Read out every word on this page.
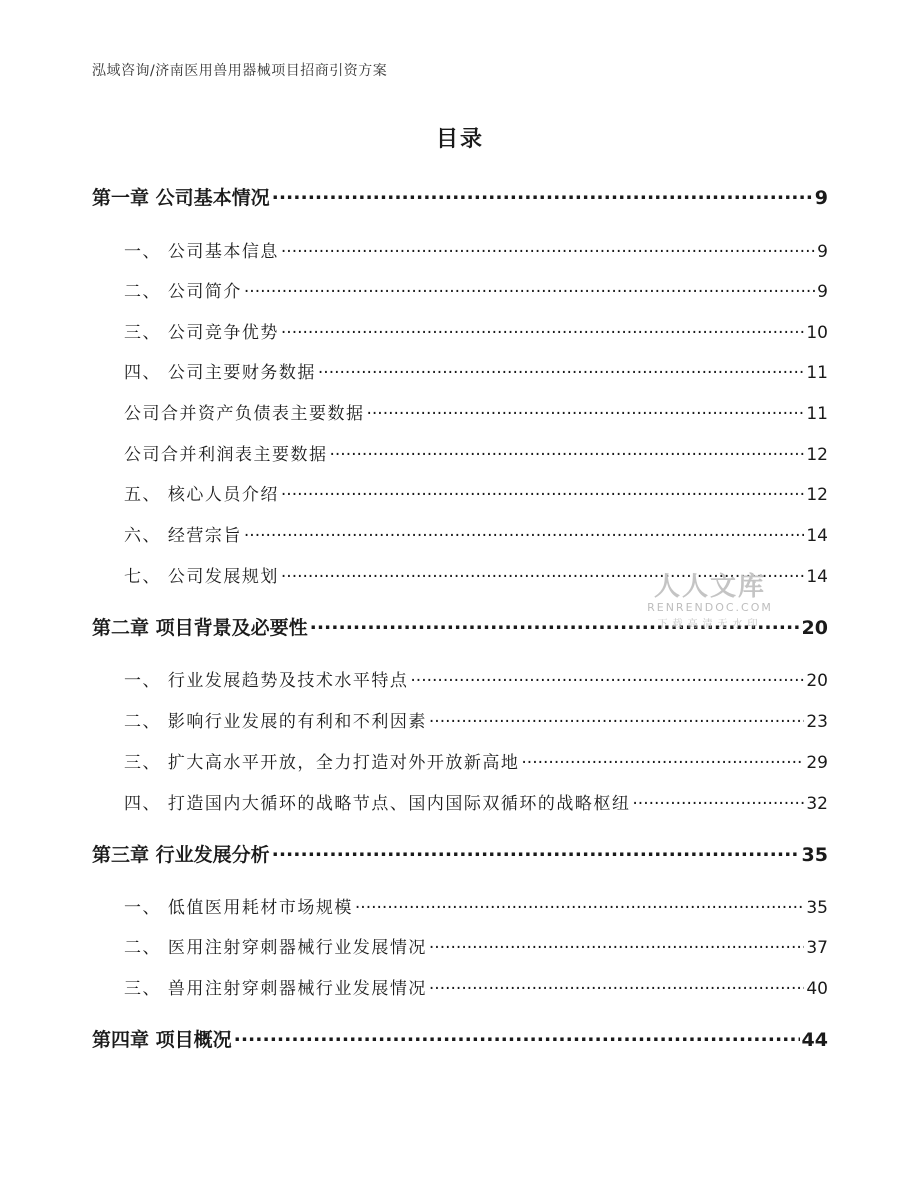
泓域咨询/济南医用兽用器械项目招商引资方案
目录
第一章 公司基本情况 .....	9
一、 公司基本信息 .....	9
二、 公司简介 .....	9
三、 公司竞争优势 .....	10
四、 公司主要财务数据 .....	11
公司合并资产负债表主要数据 .....	11
公司合并利润表主要数据 .....	12
五、 核心人员介绍 .....	12
六、 经营宗旨 .....	14
七、 公司发展规划 .....	14
第二章 项目背景及必要性 .....	20
一、 行业发展趋势及技术水平特点 .....	20
二、 影响行业发展的有利和不利因素 .....	23
三、 扩大高水平开放，全力打造对外开放新高地 .....	29
四、 打造国内大循环的战略节点、国内国际双循环的战略枢纽 .....	32
第三章 行业发展分析 .....	35
一、 低值医用耗材市场规模 .....	35
二、 医用注射穿刺器械行业发展情况 .....	37
三、 兽用注射穿刺器械行业发展情况 .....	40
第四章 项目概况 .....	44
人人文库
RENRENDOC.COM
下载高清无水印
